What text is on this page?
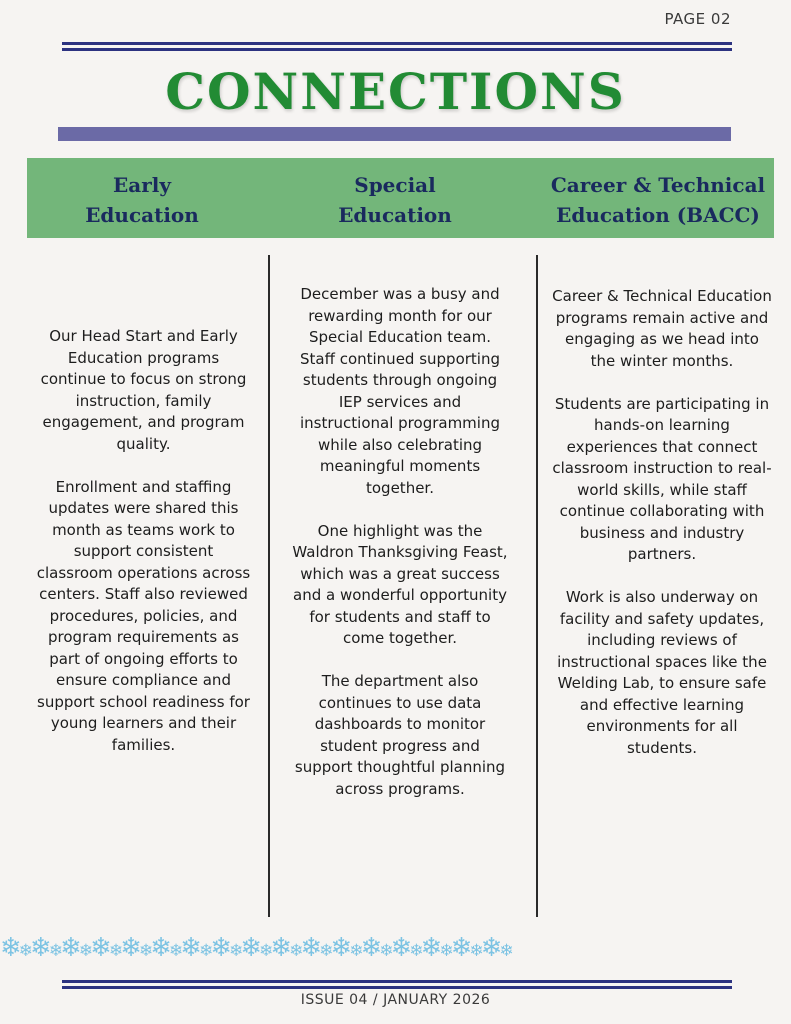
PAGE 02
CONNECTIONS
Early
Education
Special
Education
Career & Technical
Education (BACC)

Our Head Start and Early Education programs continue to focus on strong instruction, family engagement, and program quality.

Enrollment and staffing updates were shared this month as teams work to support consistent classroom operations across centers. Staff also reviewed procedures, policies, and program requirements as part of ongoing efforts to ensure compliance and support school readiness for young learners and their families.

December was a busy and rewarding month for our Special Education team. Staff continued supporting students through ongoing IEP services and instructional programming while also celebrating meaningful moments together.

One highlight was the Waldron Thanksgiving Feast, which was a great success and a wonderful opportunity for students and staff to come together.

The department also continues to use data dashboards to monitor student progress and support thoughtful planning across programs.

Career & Technical Education programs remain active and engaging as we head into the winter months.

Students are participating in hands-on learning experiences that connect classroom instruction to real-world skills, while staff continue collaborating with business and industry partners.

Work is also underway on facility and safety updates, including reviews of instructional spaces like the Welding Lab, to ensure safe and effective learning environments for all students.

❄❄❄❄❄❄❄❄❄❄❄❄❄❄❄❄❄❄❄❄❄❄❄❄❄❄❄❄❄❄❄❄❄❄
ISSUE 04 / JANUARY 2026
